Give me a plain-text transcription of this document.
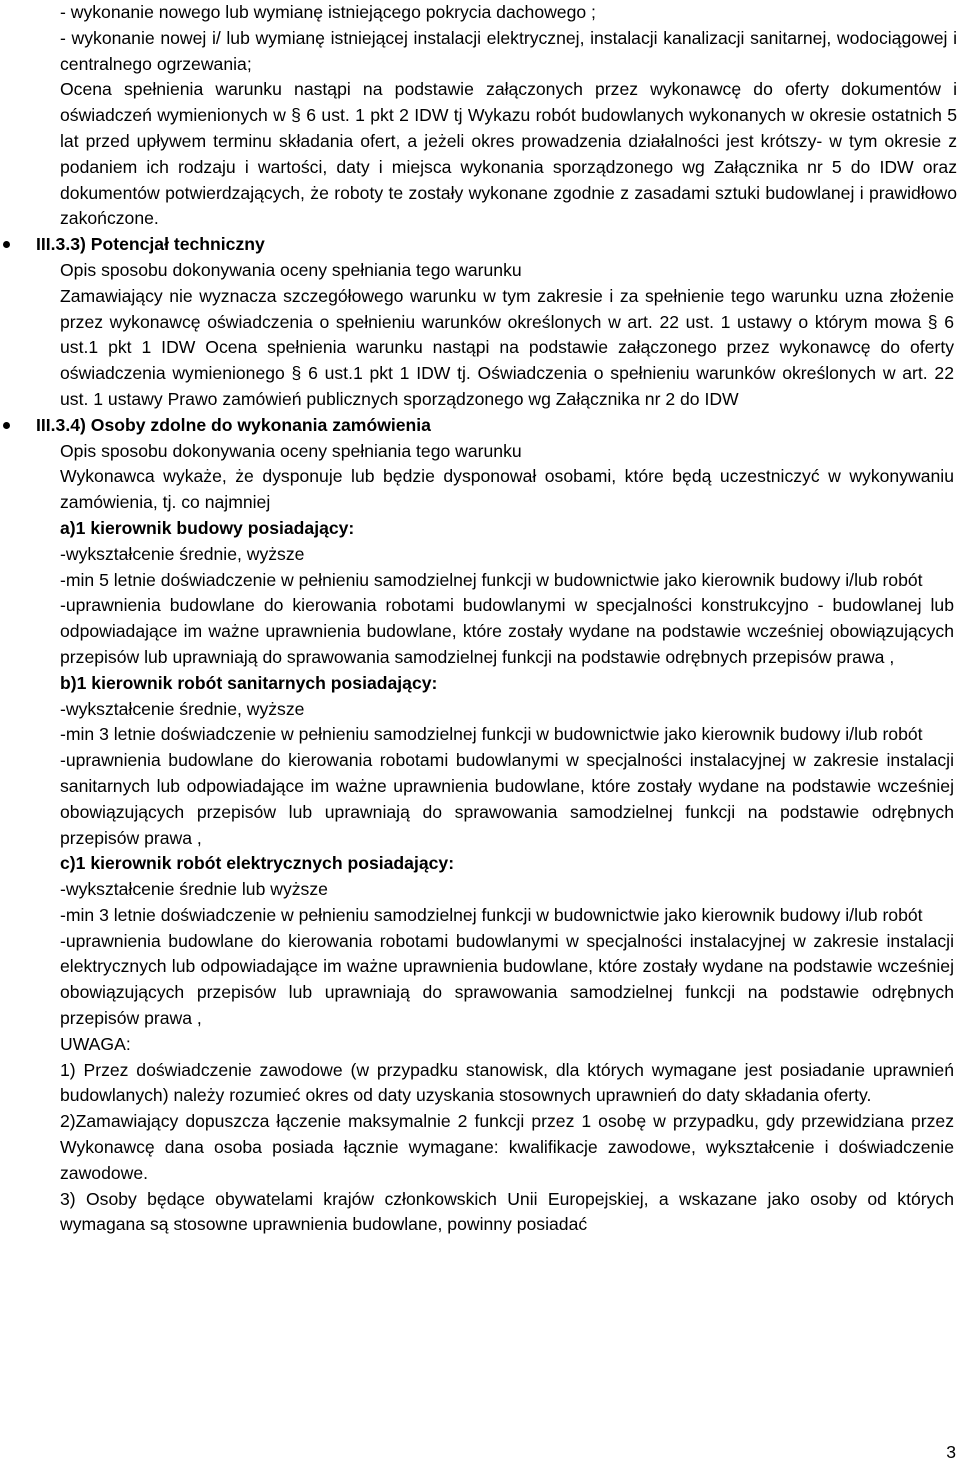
- wykonanie nowego lub wymianę istniejącego pokrycia dachowego ;

- wykonanie nowej i/ lub wymianę istniejącej instalacji elektrycznej, instalacji kanalizacji sanitarnej, wodociągowej i centralnego ogrzewania;

Ocena spełnienia warunku nastąpi na podstawie załączonych przez wykonawcę do oferty dokumentów i oświadczeń wymienionych w § 6 ust. 1 pkt 2 IDW tj Wykazu robót budowlanych wykonanych w okresie ostatnich 5 lat przed upływem terminu składania ofert, a jeżeli okres prowadzenia działalności jest krótszy- w tym okresie z podaniem ich rodzaju i wartości, daty i miejsca wykonania sporządzonego wg Załącznika nr 5 do IDW oraz dokumentów potwierdzających, że roboty te zostały wykonane zgodnie z zasadami sztuki budowlanej i prawidłowo zakończone.

III.3.3) Potencjał techniczny

Opis sposobu dokonywania oceny spełniania tego warunku

Zamawiający nie wyznacza szczegółowego warunku w tym zakresie i za spełnienie tego warunku uzna złożenie przez wykonawcę oświadczenia o spełnieniu warunków określonych w art. 22 ust. 1 ustawy o którym mowa § 6 ust.1 pkt 1 IDW Ocena spełnienia warunku nastąpi na podstawie załączonego przez wykonawcę do oferty oświadczenia wymienionego § 6 ust.1 pkt 1 IDW tj. Oświadczenia o spełnieniu warunków określonych w art. 22 ust. 1 ustawy Prawo zamówień publicznych sporządzonego wg Załącznika nr 2 do IDW

III.3.4) Osoby zdolne do wykonania zamówienia

Opis sposobu dokonywania oceny spełniania tego warunku

Wykonawca wykaże, że dysponuje lub będzie dysponował osobami, które będą uczestniczyć w wykonywaniu zamówienia, tj. co najmniej

a)1 kierownik budowy posiadający:

-wykształcenie średnie, wyższe

-min 5 letnie doświadczenie w pełnieniu samodzielnej funkcji w budownictwie jako kierownik budowy i/lub robót

-uprawnienia budowlane do kierowania robotami budowlanymi w specjalności konstrukcyjno - budowlanej lub odpowiadające im ważne uprawnienia budowlane, które zostały wydane na podstawie wcześniej obowiązujących przepisów lub uprawniają do sprawowania samodzielnej funkcji na podstawie odrębnych przepisów prawa ,

b)1 kierownik robót sanitarnych posiadający:

-wykształcenie średnie, wyższe

-min 3 letnie doświadczenie w pełnieniu samodzielnej funkcji w budownictwie jako kierownik budowy i/lub robót

-uprawnienia budowlane do kierowania robotami budowlanymi w specjalności instalacyjnej w zakresie instalacji sanitarnych lub odpowiadające im ważne uprawnienia budowlane, które zostały wydane na podstawie wcześniej obowiązujących przepisów lub uprawniają do sprawowania samodzielnej funkcji na podstawie odrębnych przepisów prawa ,

c)1 kierownik robót elektrycznych posiadający:

-wykształcenie średnie lub wyższe

-min 3 letnie doświadczenie w pełnieniu samodzielnej funkcji w budownictwie jako kierownik budowy i/lub robót

-uprawnienia budowlane do kierowania robotami budowlanymi w specjalności instalacyjnej w zakresie instalacji elektrycznych lub odpowiadające im ważne uprawnienia budowlane, które zostały wydane na podstawie wcześniej obowiązujących przepisów lub uprawniają do sprawowania samodzielnej funkcji na podstawie odrębnych przepisów prawa ,

UWAGA:

1) Przez doświadczenie zawodowe (w przypadku stanowisk, dla których wymagane jest posiadanie uprawnień budowlanych) należy rozumieć okres od daty uzyskania stosownych uprawnień do daty składania oferty.

2)Zamawiający dopuszcza łączenie maksymalnie 2 funkcji przez 1 osobę w przypadku, gdy przewidziana przez Wykonawcę dana osoba posiada łącznie wymagane: kwalifikacje zawodowe, wykształcenie i doświadczenie zawodowe.

3) Osoby będące obywatelami krajów członkowskich Unii Europejskiej, a wskazane jako osoby od których wymagana są stosowne uprawnienia budowlane, powinny posiadać

3
